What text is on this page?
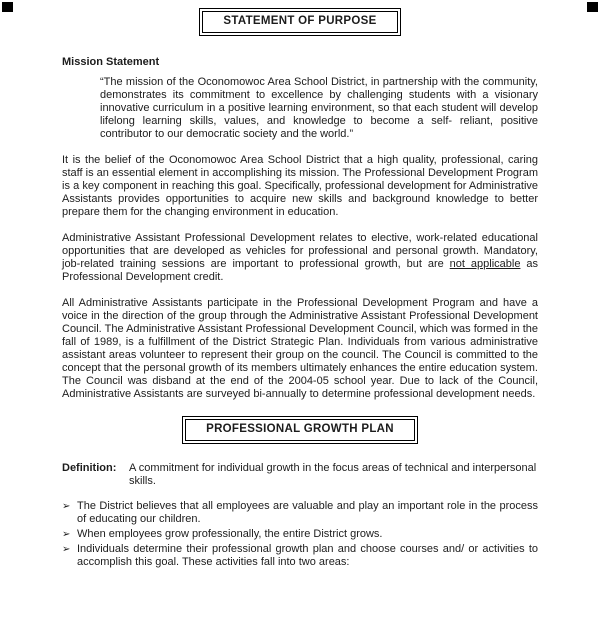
STATEMENT OF PURPOSE
Mission Statement
“The mission of the Oconomowoc Area School District, in partnership with the community, demonstrates its commitment to excellence by challenging students with a visionary innovative curriculum in a positive learning environment, so that each student will develop lifelong learning skills, values, and knowledge to become a self- reliant, positive contributor to our democratic society and the world.”

It is the belief of the Oconomowoc Area School District that a high quality, professional, caring staff is an essential element in accomplishing its mission. The Professional Development Program is a key component in reaching this goal. Specifically, professional development for Administrative Assistants provides opportunities to acquire new skills and background knowledge to better prepare them for the changing environment in education.

Administrative Assistant Professional Development relates to elective, work-related educational opportunities that are developed as vehicles for professional and personal growth. Mandatory, job-related training sessions are important to professional growth, but are not applicable as Professional Development credit.

All Administrative Assistants participate in the Professional Development Program and have a voice in the direction of the group through the Administrative Assistant Professional Development Council. The Administrative Assistant Professional Development Council, which was formed in the fall of 1989, is a fulfillment of the District Strategic Plan. Individuals from various administrative assistant areas volunteer to represent their group on the council. The Council is committed to the concept that the personal growth of its members ultimately enhances the entire education system. The Council was disband at the end of the 2004-05 school year. Due to lack of the Council, Administrative Assistants are surveyed bi-annually to determine professional development needs.

PROFESSIONAL GROWTH PLAN
Definition:	A commitment for individual growth in the focus areas of technical and interpersonal skills.
➢ The District believes that all employees are valuable and play an important role in the process of educating our children.
➢ When employees grow professionally, the entire District grows.
➢ Individuals determine their professional growth plan and choose courses and/ or activities to accomplish this goal. These activities fall into two areas:
